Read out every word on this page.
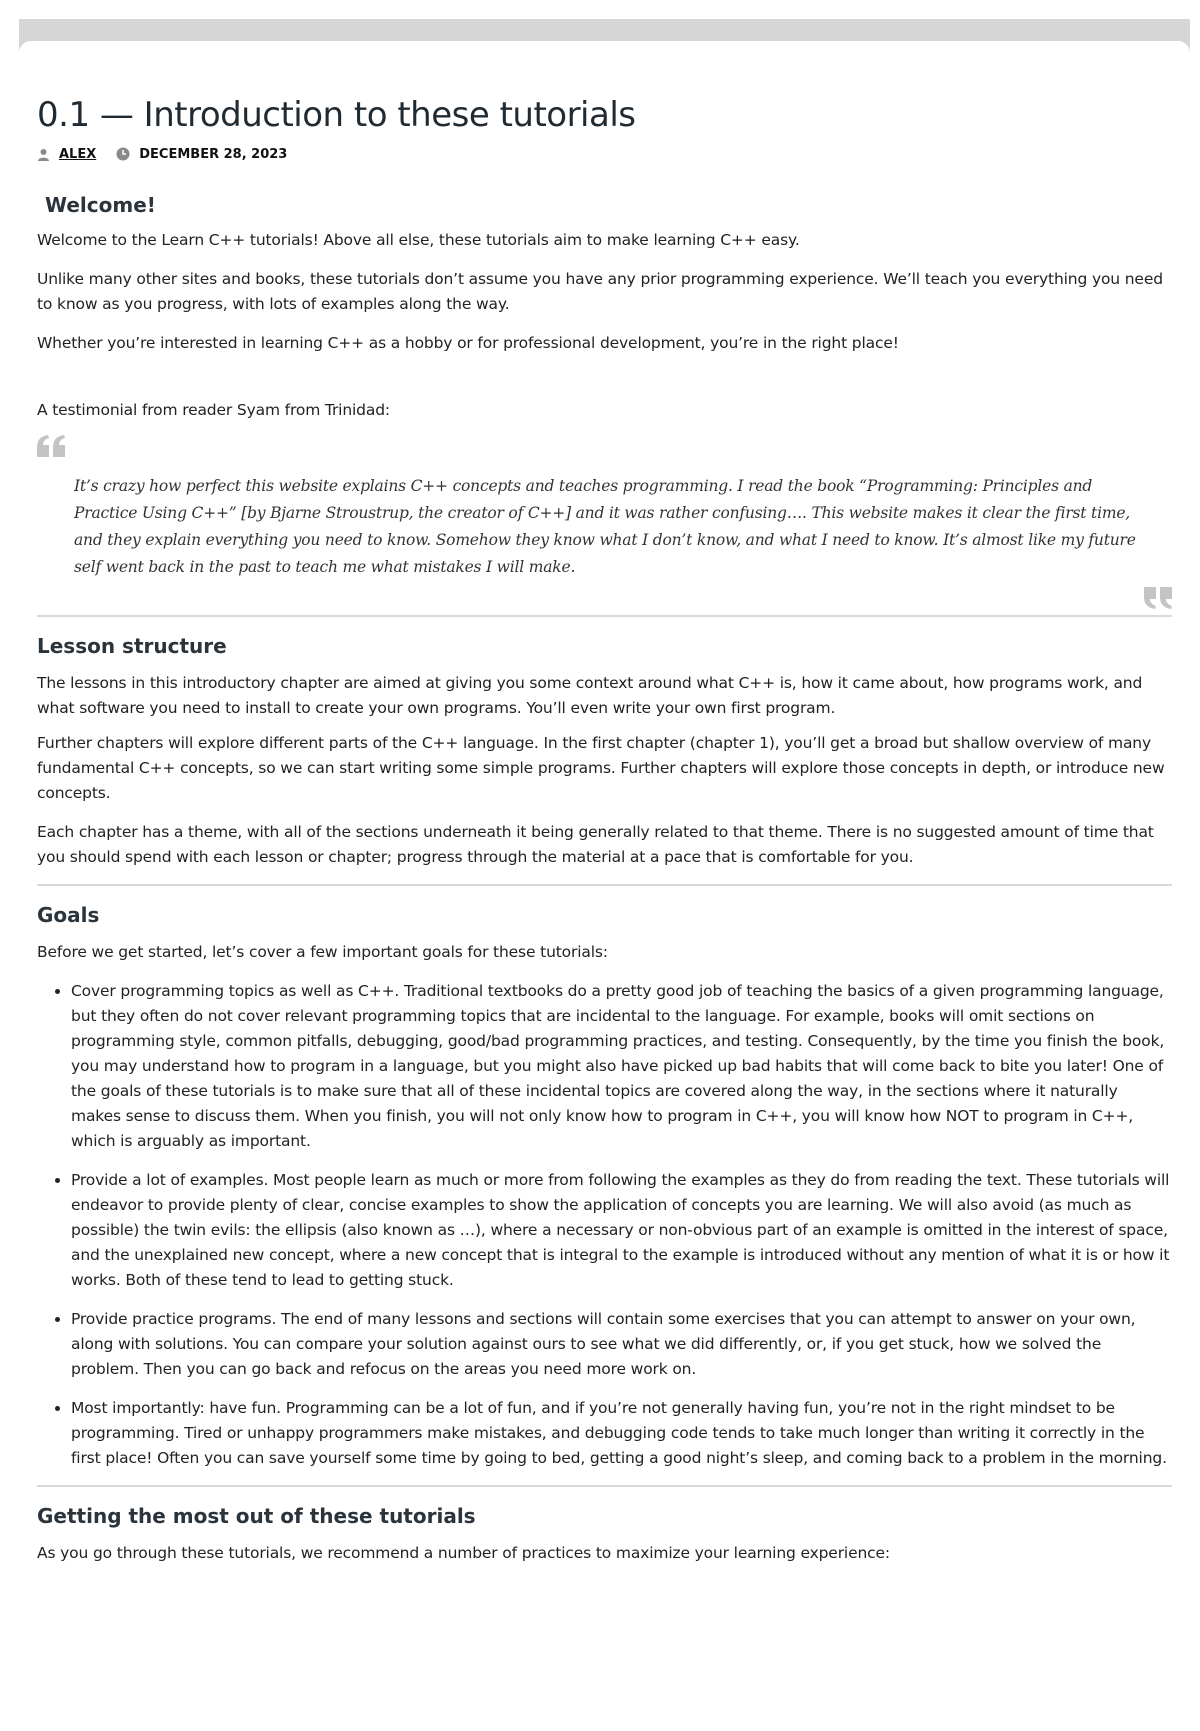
0.1 — Introduction to these tutorials
ALEX	DECEMBER 28, 2023
Welcome!

Welcome to the Learn C++ tutorials! Above all else, these tutorials aim to make learning C++ easy.

Unlike many other sites and books, these tutorials don’t assume you have any prior programming experience. We’ll teach you everything you need to know as you progress, with lots of examples along the way.

Whether you’re interested in learning C++ as a hobby or for professional development, you’re in the right place!

A testimonial from reader Syam from Trinidad:

It’s crazy how perfect this website explains C++ concepts and teaches programming. I read the book “Programming: Principles and Practice Using C++” [by Bjarne Stroustrup, the creator of C++] and it was rather confusing…. This website makes it clear the first time, and they explain everything you need to know. Somehow they know what I don’t know, and what I need to know. It’s almost like my future self went back in the past to teach me what mistakes I will make.
Lesson structure

The lessons in this introductory chapter are aimed at giving you some context around what C++ is, how it came about, how programs work, and what software you need to install to create your own programs. You’ll even write your own first program.

Further chapters will explore different parts of the C++ language. In the first chapter (chapter 1), you’ll get a broad but shallow overview of many fundamental C++ concepts, so we can start writing some simple programs. Further chapters will explore those concepts in depth, or introduce new concepts.

Each chapter has a theme, with all of the sections underneath it being generally related to that theme. There is no suggested amount of time that you should spend with each lesson or chapter; progress through the material at a pace that is comfortable for you.

Goals

Before we get started, let’s cover a few important goals for these tutorials:

• Cover programming topics as well as C++. Traditional textbooks do a pretty good job of teaching the basics of a given programming language, but they often do not cover relevant programming topics that are incidental to the language. For example, books will omit sections on programming style, common pitfalls, debugging, good/bad programming practices, and testing. Consequently, by the time you finish the book, you may understand how to program in a language, but you might also have picked up bad habits that will come back to bite you later! One of the goals of these tutorials is to make sure that all of these incidental topics are covered along the way, in the sections where it naturally makes sense to discuss them. When you finish, you will not only know how to program in C++, you will know how NOT to program in C++, which is arguably as important.
• Provide a lot of examples. Most people learn as much or more from following the examples as they do from reading the text. These tutorials will endeavor to provide plenty of clear, concise examples to show the application of concepts you are learning. We will also avoid (as much as possible) the twin evils: the ellipsis (also known as …), where a necessary or non-obvious part of an example is omitted in the interest of space, and the unexplained new concept, where a new concept that is integral to the example is introduced without any mention of what it is or how it works. Both of these tend to lead to getting stuck.
• Provide practice programs. The end of many lessons and sections will contain some exercises that you can attempt to answer on your own, along with solutions. You can compare your solution against ours to see what we did differently, or, if you get stuck, how we solved the problem. Then you can go back and refocus on the areas you need more work on.
• Most importantly: have fun. Programming can be a lot of fun, and if you’re not generally having fun, you’re not in the right mindset to be programming. Tired or unhappy programmers make mistakes, and debugging code tends to take much longer than writing it correctly in the first place! Often you can save yourself some time by going to bed, getting a good night’s sleep, and coming back to a problem in the morning.
Getting the most out of these tutorials

As you go through these tutorials, we recommend a number of practices to maximize your learning experience:
